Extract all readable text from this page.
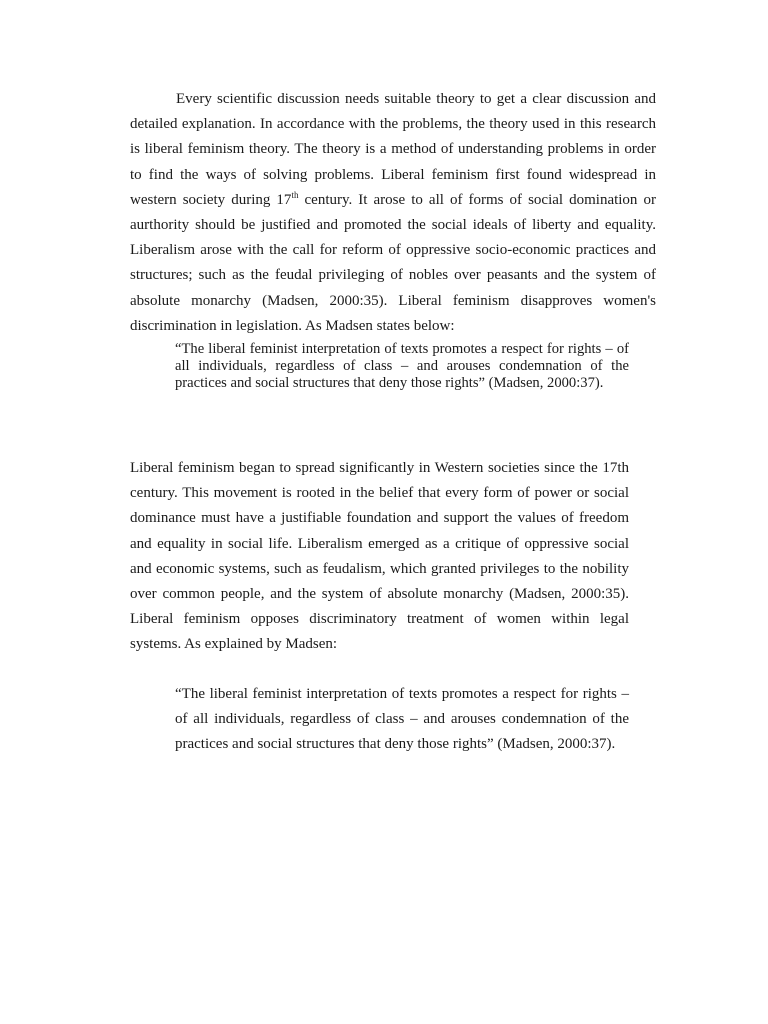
Every scientific discussion needs suitable theory to get a clear discussion and detailed explanation. In accordance with the problems, the theory used in this research is liberal feminism theory. The theory is a method of understanding problems in order to find the ways of solving problems. Liberal feminism first found widespread in western society during 17th century. It arose to all of forms of social domination or aurthority should be justified and promoted the social ideals of liberty and equality. Liberalism arose with the call for reform of oppressive socio-economic practices and structures; such as the feudal privileging of nobles over peasants and the system of absolute monarchy (Madsen, 2000:35). Liberal feminism disapproves women's discrimination in legislation. As Madsen states below:

“The liberal feminist interpretation of texts promotes a respect for rights – of all individuals, regardless of class – and arouses condemnation of the practices and social structures that deny those rights” (Madsen, 2000:37).

Liberal feminism began to spread significantly in Western societies since the 17th century. This movement is rooted in the belief that every form of power or social dominance must have a justifiable foundation and support the values of freedom and equality in social life. Liberalism emerged as a critique of oppressive social and economic systems, such as feudalism, which granted privileges to the nobility over common people, and the system of absolute monarchy (Madsen, 2000:35). Liberal feminism opposes discriminatory treatment of women within legal systems. As explained by Madsen:

“The liberal feminist interpretation of texts promotes a respect for rights – of all individuals, regardless of class – and arouses condemnation of the practices and social structures that deny those rights” (Madsen, 2000:37).
